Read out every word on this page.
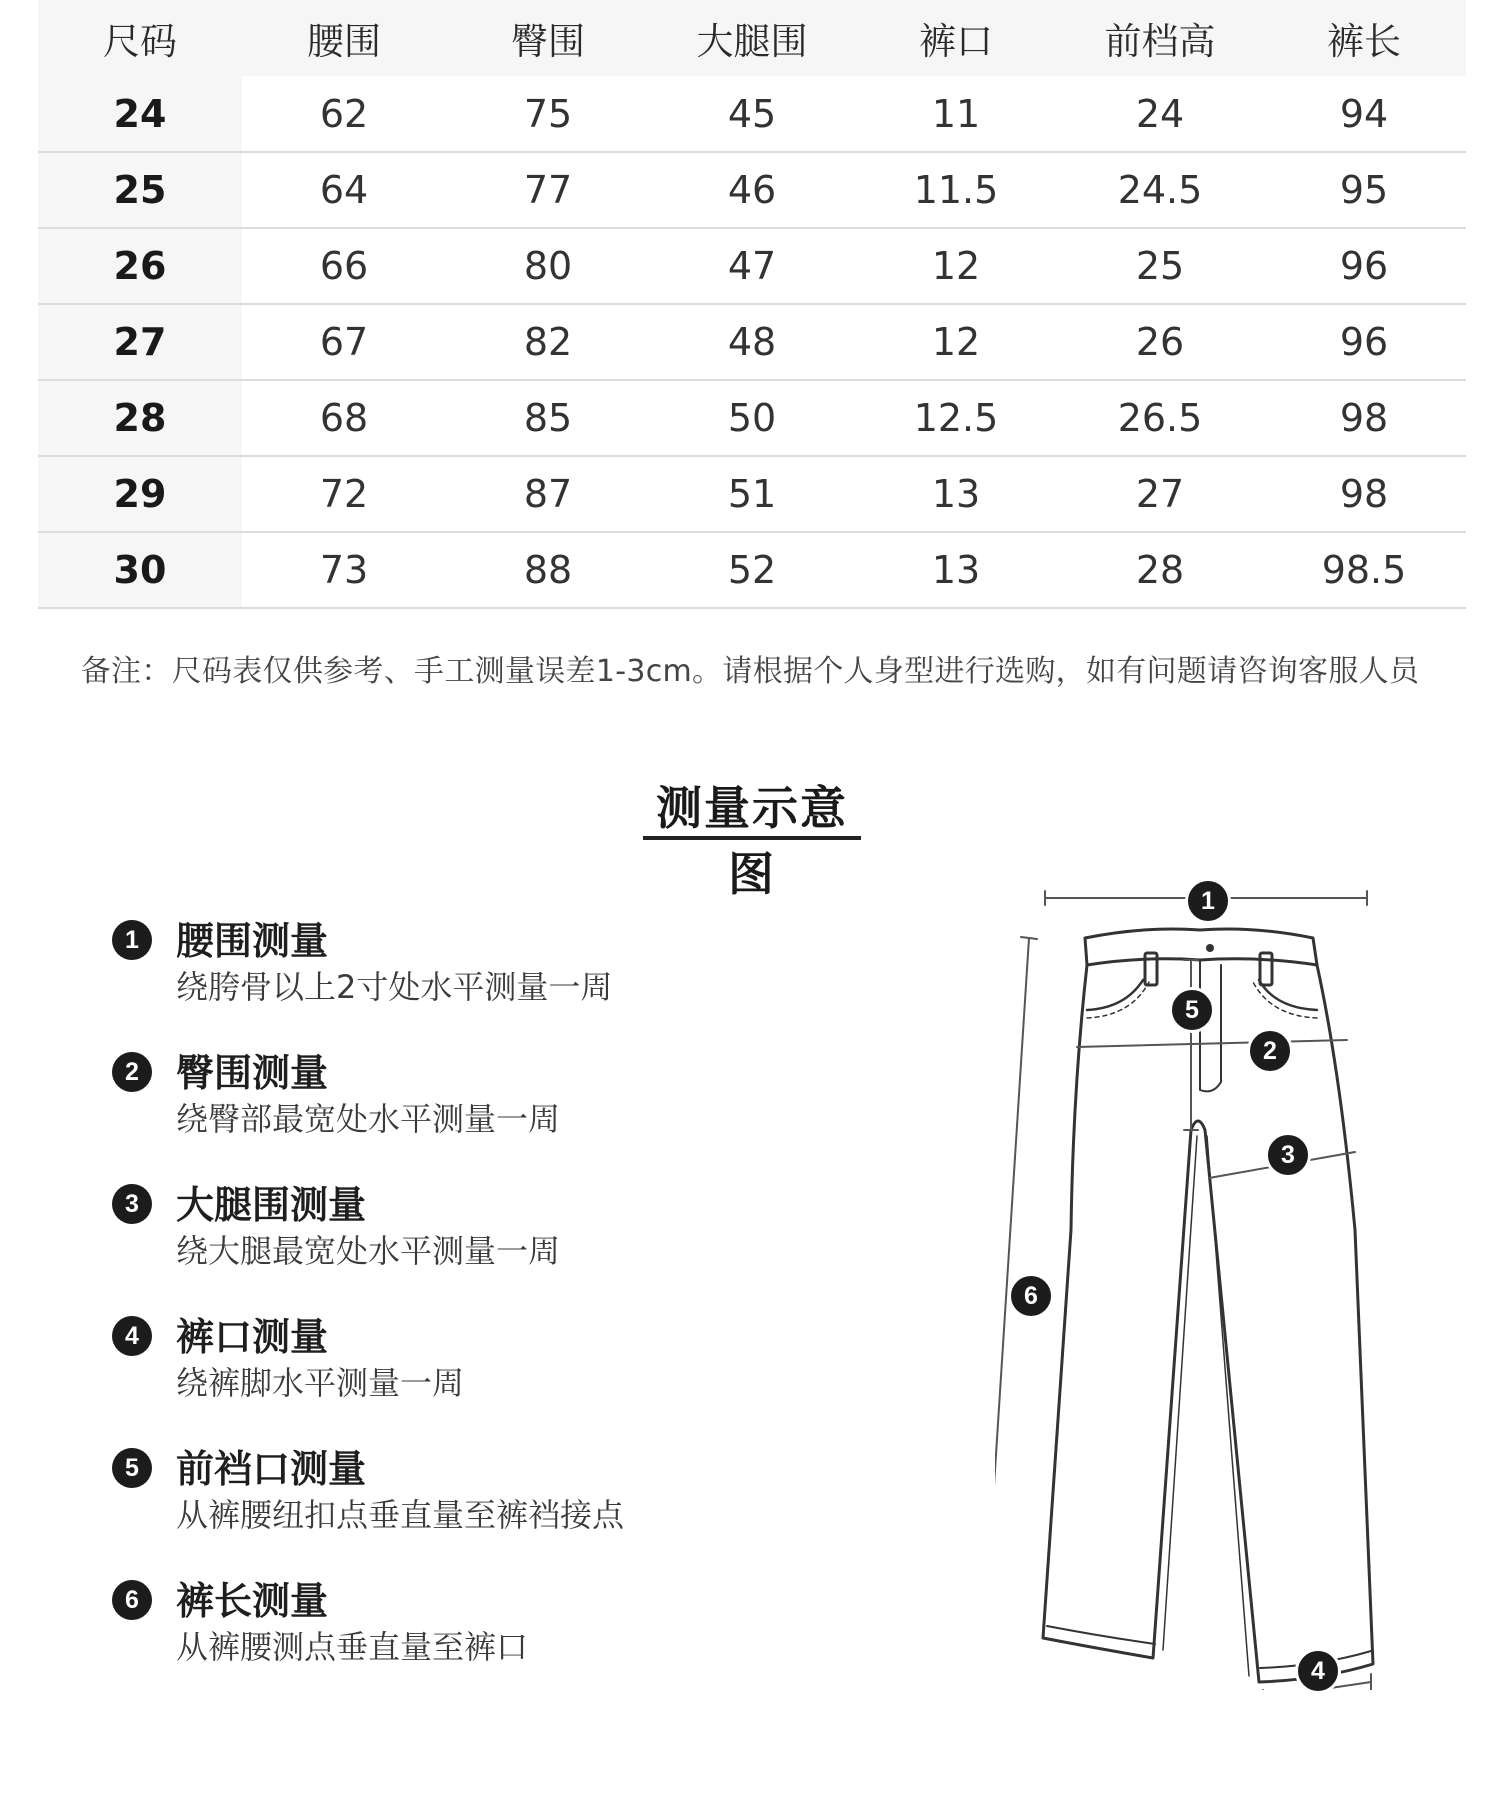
尺码	腰围	臀围	大腿围	裤口	前档高	裤长
24	62	75	45	11	24	94
25	64	77	46	11.5	24.5	95
26	66	80	47	12	25	96
27	67	82	48	12	26	96
28	68	85	50	12.5	26.5	98
29	72	87	51	13	27	98
30	73	88	52	13	28	98.5
备注：尺码表仅供参考、手工测量误差1-3cm。请根据个人身型进行选购，如有问题请咨询客服人员
测量示意图
1 腰围测量
绕胯骨以上2寸处水平测量一周
2 臀围测量
绕臀部最宽处水平测量一周
3 大腿围测量
绕大腿最宽处水平测量一周
4 裤口测量
绕裤脚水平测量一周
5 前裆口测量
从裤腰纽扣点垂直量至裤裆接点
6 裤长测量
从裤腰测点垂直量至裤口
1
2
3
4
5
6
